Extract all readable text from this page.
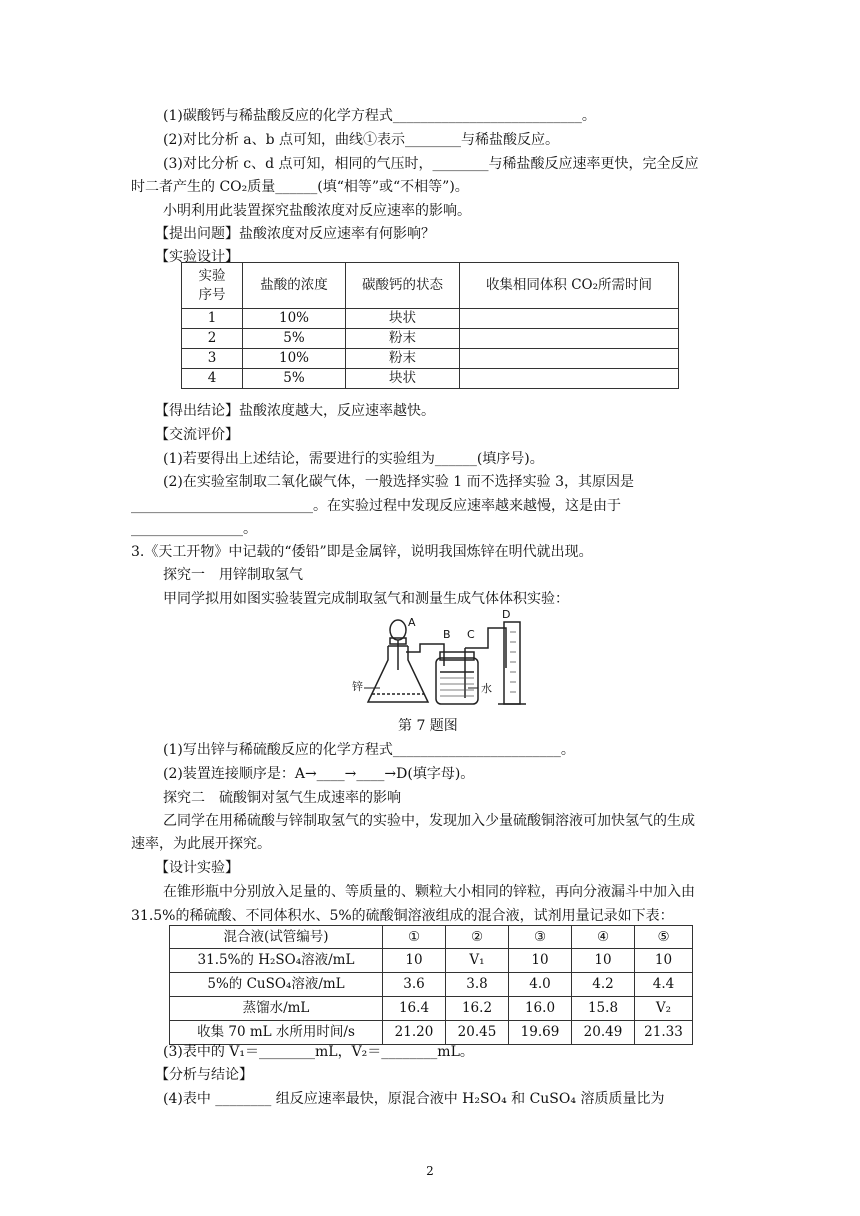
(1)碳酸钙与稀盐酸反应的化学方程式___________________________。
(2)对比分析 a、b 点可知，曲线①表示________与稀盐酸反应。
(3)对比分析 c、d 点可知，相同的气压时，________与稀盐酸反应速率更快，完全反应
时二者产生的 CO₂质量______(填“相等”或“不相等”)。
小明利用此装置探究盐酸浓度对反应速率的影响。
【提出问题】盐酸浓度对反应速率有何影响？
【实验设计】
实验
序号	盐酸的浓度	碳酸钙的状态	收集相同体积 CO₂所需时间
1	10%	块状	
2	5%	粉末	
3	10%	粉末	
4	5%	块状	
【得出结论】盐酸浓度越大，反应速率越快。
【交流评价】
(1)若要得出上述结论，需要进行的实验组为______(填序号)。
(2)在实验室制取二氧化碳气体，一般选择实验 1 而不选择实验 3，其原因是
__________________________。在实验过程中发现反应速率越来越慢，这是由于
________________。
3.《天工开物》中记载的“倭铅”即是金属锌，说明我国炼锌在明代就出现。
探究一　用锌制取氢气
甲同学拟用如图实验装置完成制取氢气和测量生成气体体积实验：
A
B C
D
锌	水
第 7 题图
(1)写出锌与稀硫酸反应的化学方程式________________________。
(2)装置连接顺序是：A→____→____→D(填字母)。
探究二　硫酸铜对氢气生成速率的影响
乙同学在用稀硫酸与锌制取氢气的实验中，发现加入少量硫酸铜溶液可加快氢气的生成
速率，为此展开探究。
【设计实验】
在锥形瓶中分别放入足量的、等质量的、颗粒大小相同的锌粒，再向分液漏斗中加入由
31.5%的稀硫酸、不同体积水、5%的硫酸铜溶液组成的混合液，试剂用量记录如下表：
混合液(试管编号)	①	②	③	④	⑤
31.5%的 H₂SO₄溶液/mL	10	V₁	10	10	10
5%的 CuSO₄溶液/mL	3.6	3.8	4.0	4.2	4.4
蒸馏水/mL	16.4	16.2	16.0	15.8	V₂
收集 70 mL 水所用时间/s	21.20	20.45	19.69	20.49	21.33
(3)表中的 V₁＝________mL，V₂＝________mL。
【分析与结论】
(4)表中 ________ 组反应速率最快，原混合液中 H₂SO₄ 和 CuSO₄ 溶质质量比为
2
